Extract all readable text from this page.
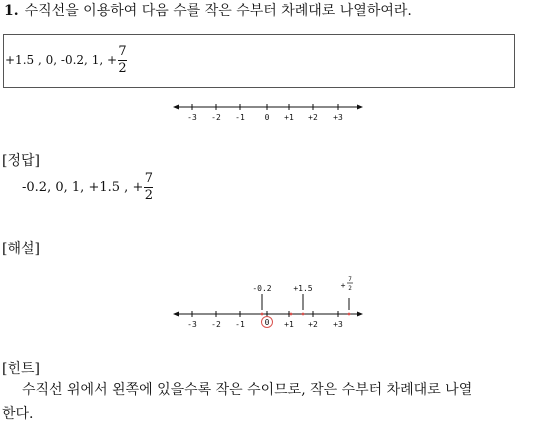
1. 수직선을 이용하여 다음 수를 작은 수부터 차례대로 나열하여라.
+1.5
,
0,
-0.2,
1,
+ $\frac{7}{2}$
-3 -2 -1 0 +1 +2 +3
[정답]
-0.2,
0,
1,
+1.5
,
+ $\frac{7}{2}$
[해설]
-0.2	+1.5	+
7
2
-3 -2 -1 0 +1 +2 +3
[힌트]
수직선 위에서 왼쪽에 있을수록 작은 수이므로, 작은 수부터 차례대로 나열
한다.
